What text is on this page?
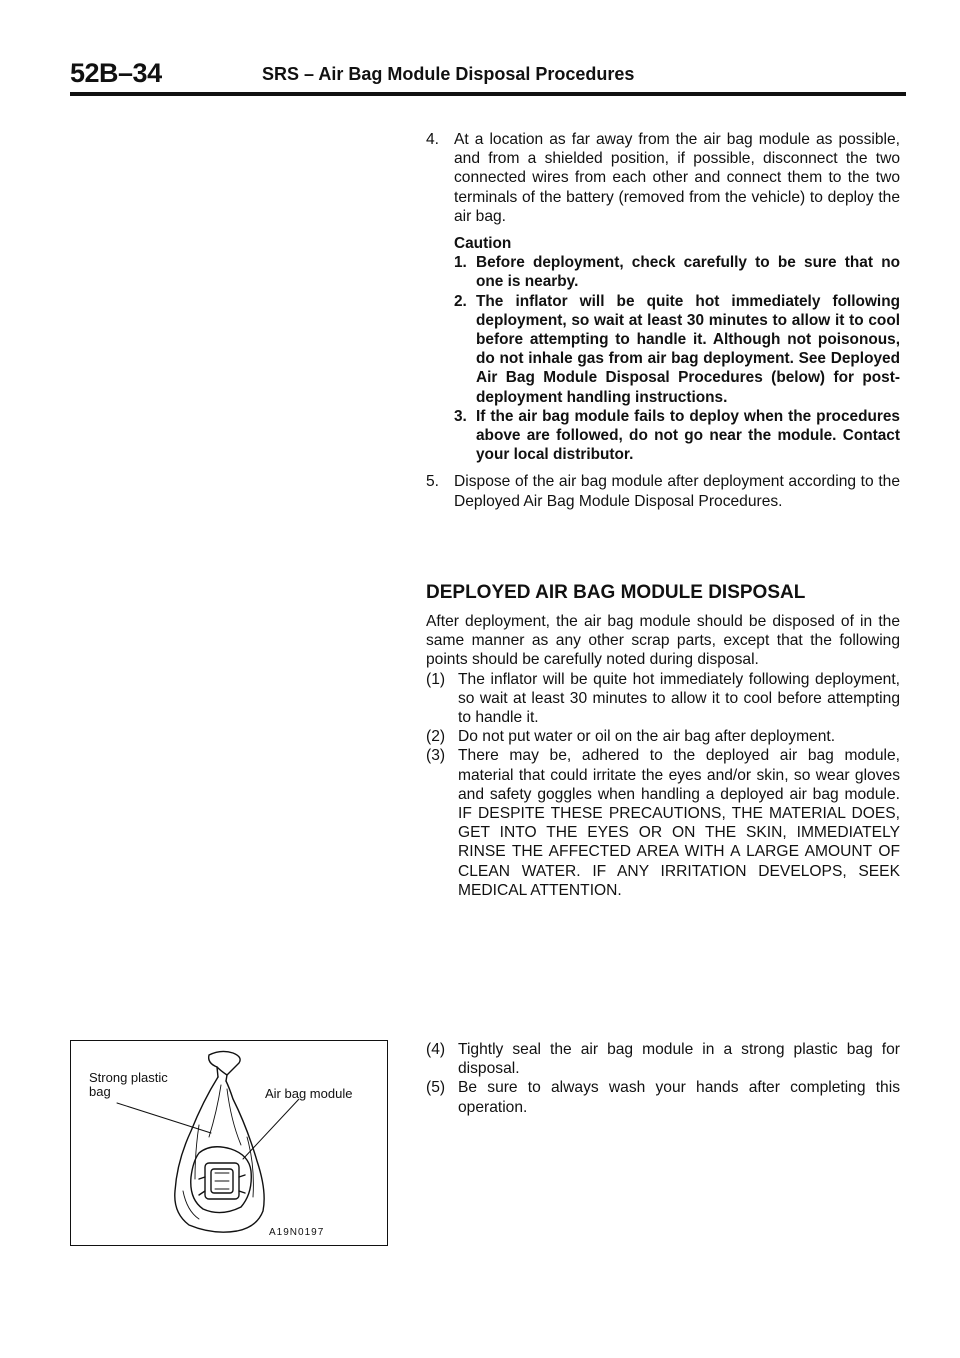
52B–34	SRS – Air Bag Module Disposal Procedures
4. At a location as far away from the air bag module as possible, and from a shielded position, if possible, disconnect the two connected wires from each other and connect them to the two terminals of the battery (removed from the vehicle) to deploy the air bag.
Caution
1. Before deployment, check carefully to be sure that no one is nearby.
2. The inflator will be quite hot immediately following deployment, so wait at least 30 minutes to allow it to cool before attempting to handle it. Although not poisonous, do not inhale gas from air bag deployment. See Deployed Air Bag Module Disposal Procedures (below) for post-deployment handling instructions.
3. If the air bag module fails to deploy when the procedures above are followed, do not go near the module. Contact your local distributor.
5. Dispose of the air bag module after deployment according to the Deployed Air Bag Module Disposal Procedures.
DEPLOYED AIR BAG MODULE DISPOSAL

After deployment, the air bag module should be disposed of in the same manner as any other scrap parts, except that the following points should be carefully noted during disposal.

(1) The inflator will be quite hot immediately following deployment, so wait at least 30 minutes to allow it to cool before attempting to handle it.
(2) Do not put water or oil on the air bag after deployment.
(3) There may be, adhered to the deployed air bag module, material that could irritate the eyes and/or skin, so wear gloves and safety goggles when handling a deployed air bag module. IF DESPITE THESE PRECAUTIONS, THE MATERIAL DOES, GET INTO THE EYES OR ON THE SKIN, IMMEDIATELY RINSE THE AFFECTED AREA WITH A LARGE AMOUNT OF CLEAN WATER. IF ANY IRRITATION DEVELOPS, SEEK MEDICAL ATTENTION.
(4) Tightly seal the air bag module in a strong plastic bag for disposal.
(5) Be sure to always wash your hands after completing this operation.
Strong plastic
bag	Air bag module
A19N0197
